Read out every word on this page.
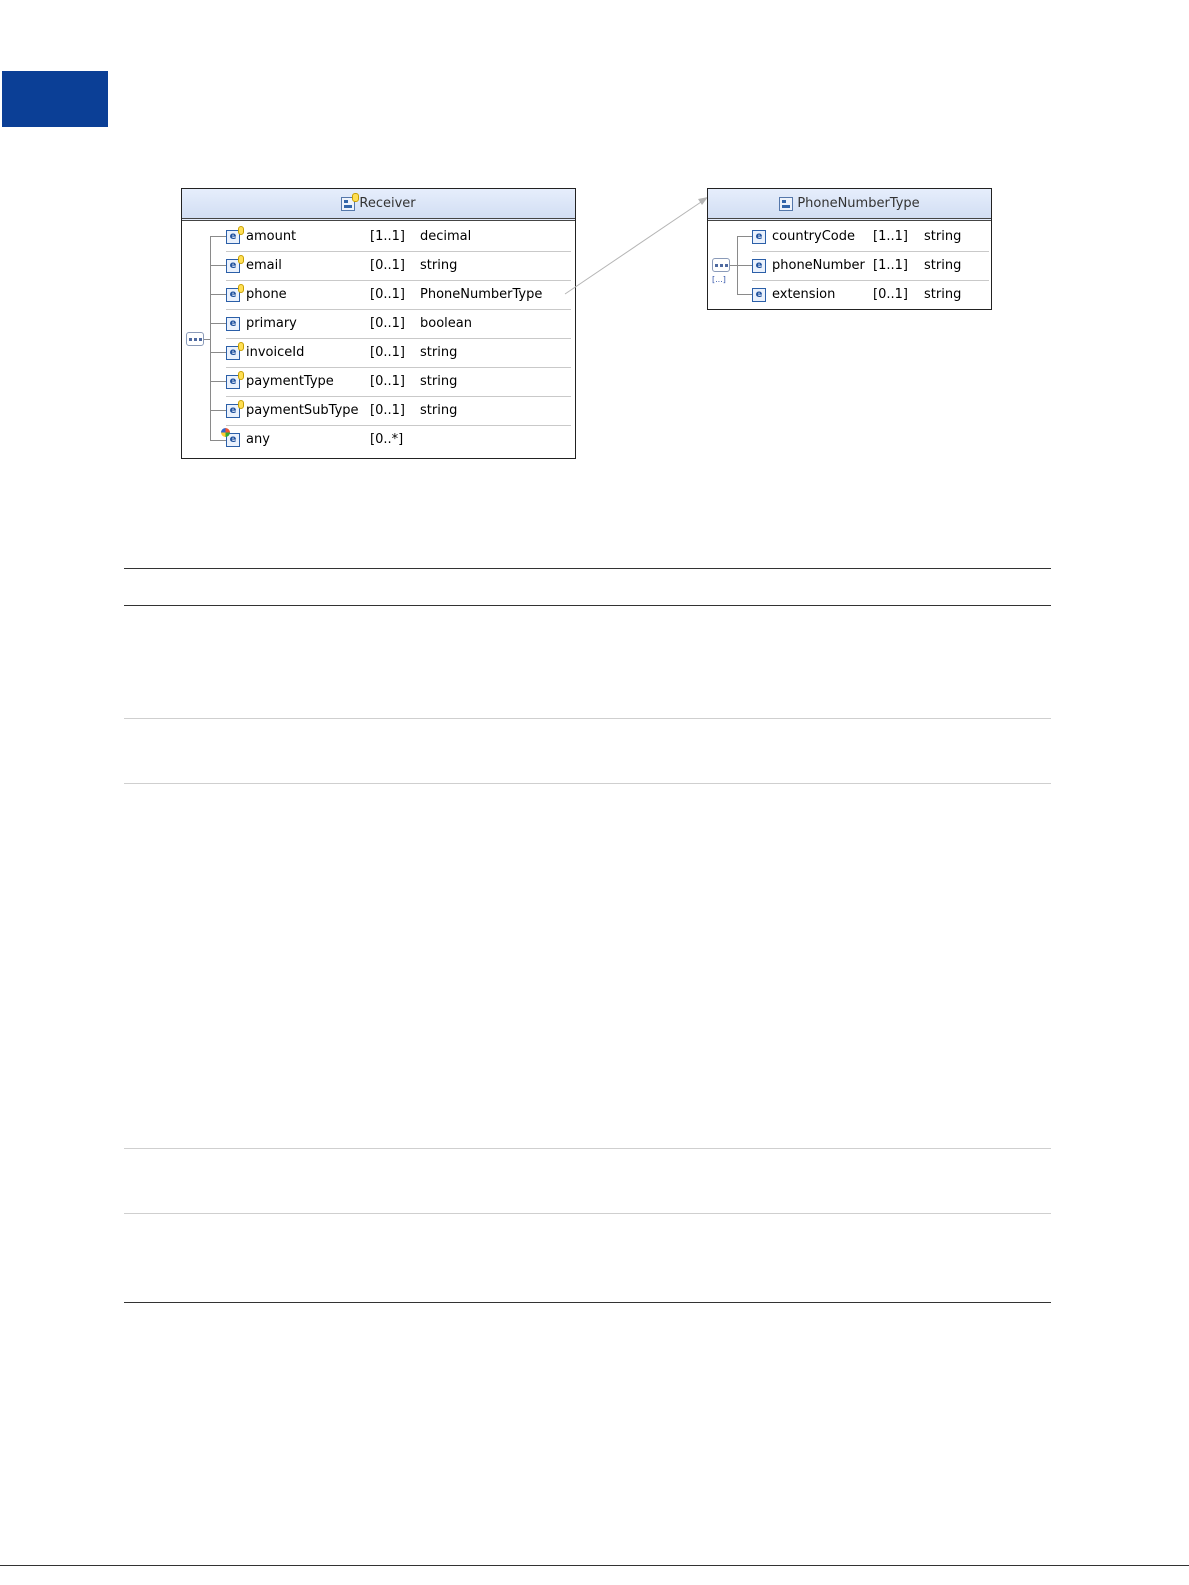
Receiver
e amount	[1..1]	decimal
e email	[0..1]	string
e phone	[0..1]	PhoneNumberType
e primary	[0..1]	boolean
e invoiceId	[0..1]	string
e paymentType	[0..1]	string
e paymentSubType [0..1]	string
e any	[0..*]
PhoneNumberType
[...]
e countryCode	[1..1]	string
e phoneNumber [1..1]	string
e extension	[0..1]	string
